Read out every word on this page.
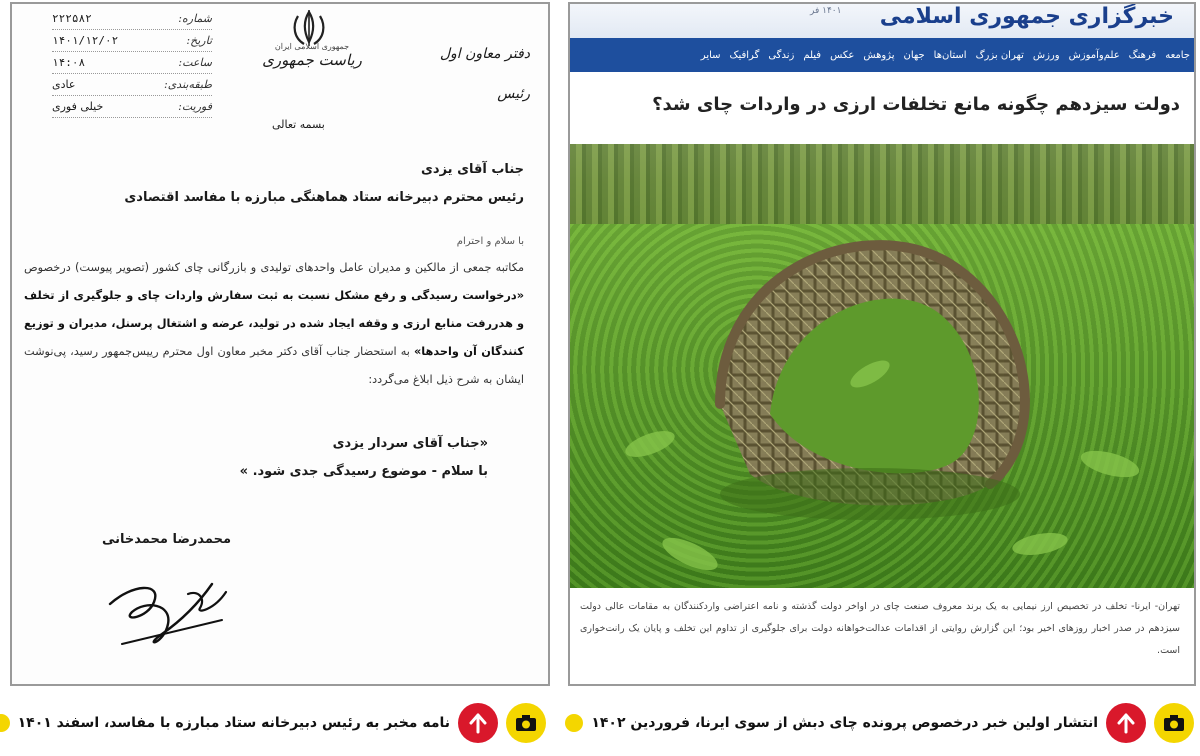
شماره:
۲۲۲۵۸۲
تاریخ:
۱۴۰۱/۱۲/۰۲
ساعت:
۱۴:۰۸
طبقه‌بندی:
عادی
فوریت:
خیلی فوری
جمهوری اسلامی ایران
ریاست جمهوری
بسمه تعالی
دفتر معاون اول
رئیس
جناب آقای یزدی
رئیس محترم دبیرخانه ستاد هماهنگی مبارزه با مفاسد اقتصادی
با سلام و احترام

مکاتبه جمعی از مالکین و مدیران عامل واحدهای تولیدی و بازرگانی چای کشور (تصویر پیوست) درخصوص «درخواست رسیدگی و رفع مشکل نسبت به ثبت سفارش واردات چای و جلوگیری از تخلف و هدررفت منابع ارزی و وقفه ایجاد شده در تولید، عرضه و اشتغال پرسنل، مدیران و توزیع کنندگان آن واحدها» به استحضار جناب آقای دکتر مخبر معاون اول محترم رییس‌جمهور رسید، پی‌نوشت ایشان به شرح ذیل ابلاغ می‌گردد:

«جناب آقای سردار یزدی
با سلام - موضوع رسیدگی جدی شود. »
محمدرضا محمدخانی
خبرگزاری جمهوری اسلامی
۱۴۰۱ فر
جامعه
فرهنگ
علم‌وآموزش
ورزش
تهران بزرگ
استان‌ها
جهان
پژوهش
عکس
فیلم
زندگی
گرافیک
سایر
دولت سیزدهم چگونه مانع تخلفات ارزی در واردات چای شد؟

تهران- ایرنا- تخلف در تخصیص ارز نیمایی به یک برند معروف صنعت چای در اواخر دولت گذشته و نامه اعتراضی واردکنندگان به مقامات عالی دولت سیزدهم در صدر اخبار روزهای اخیر بود؛ این گزارش روایتی از اقدامات عدالت‌خواهانه دولت برای جلوگیری از تداوم این تخلف و پایان یک رانت‌خواری است.

انتشار اولین خبر درخصوص پرونده چای دبش از سوی ایرنا، فروردین ۱۴۰۲
نامه مخبر به رئیس دبیرخانه ستاد مبارزه با مفاسد، اسفند ۱۴۰۱
